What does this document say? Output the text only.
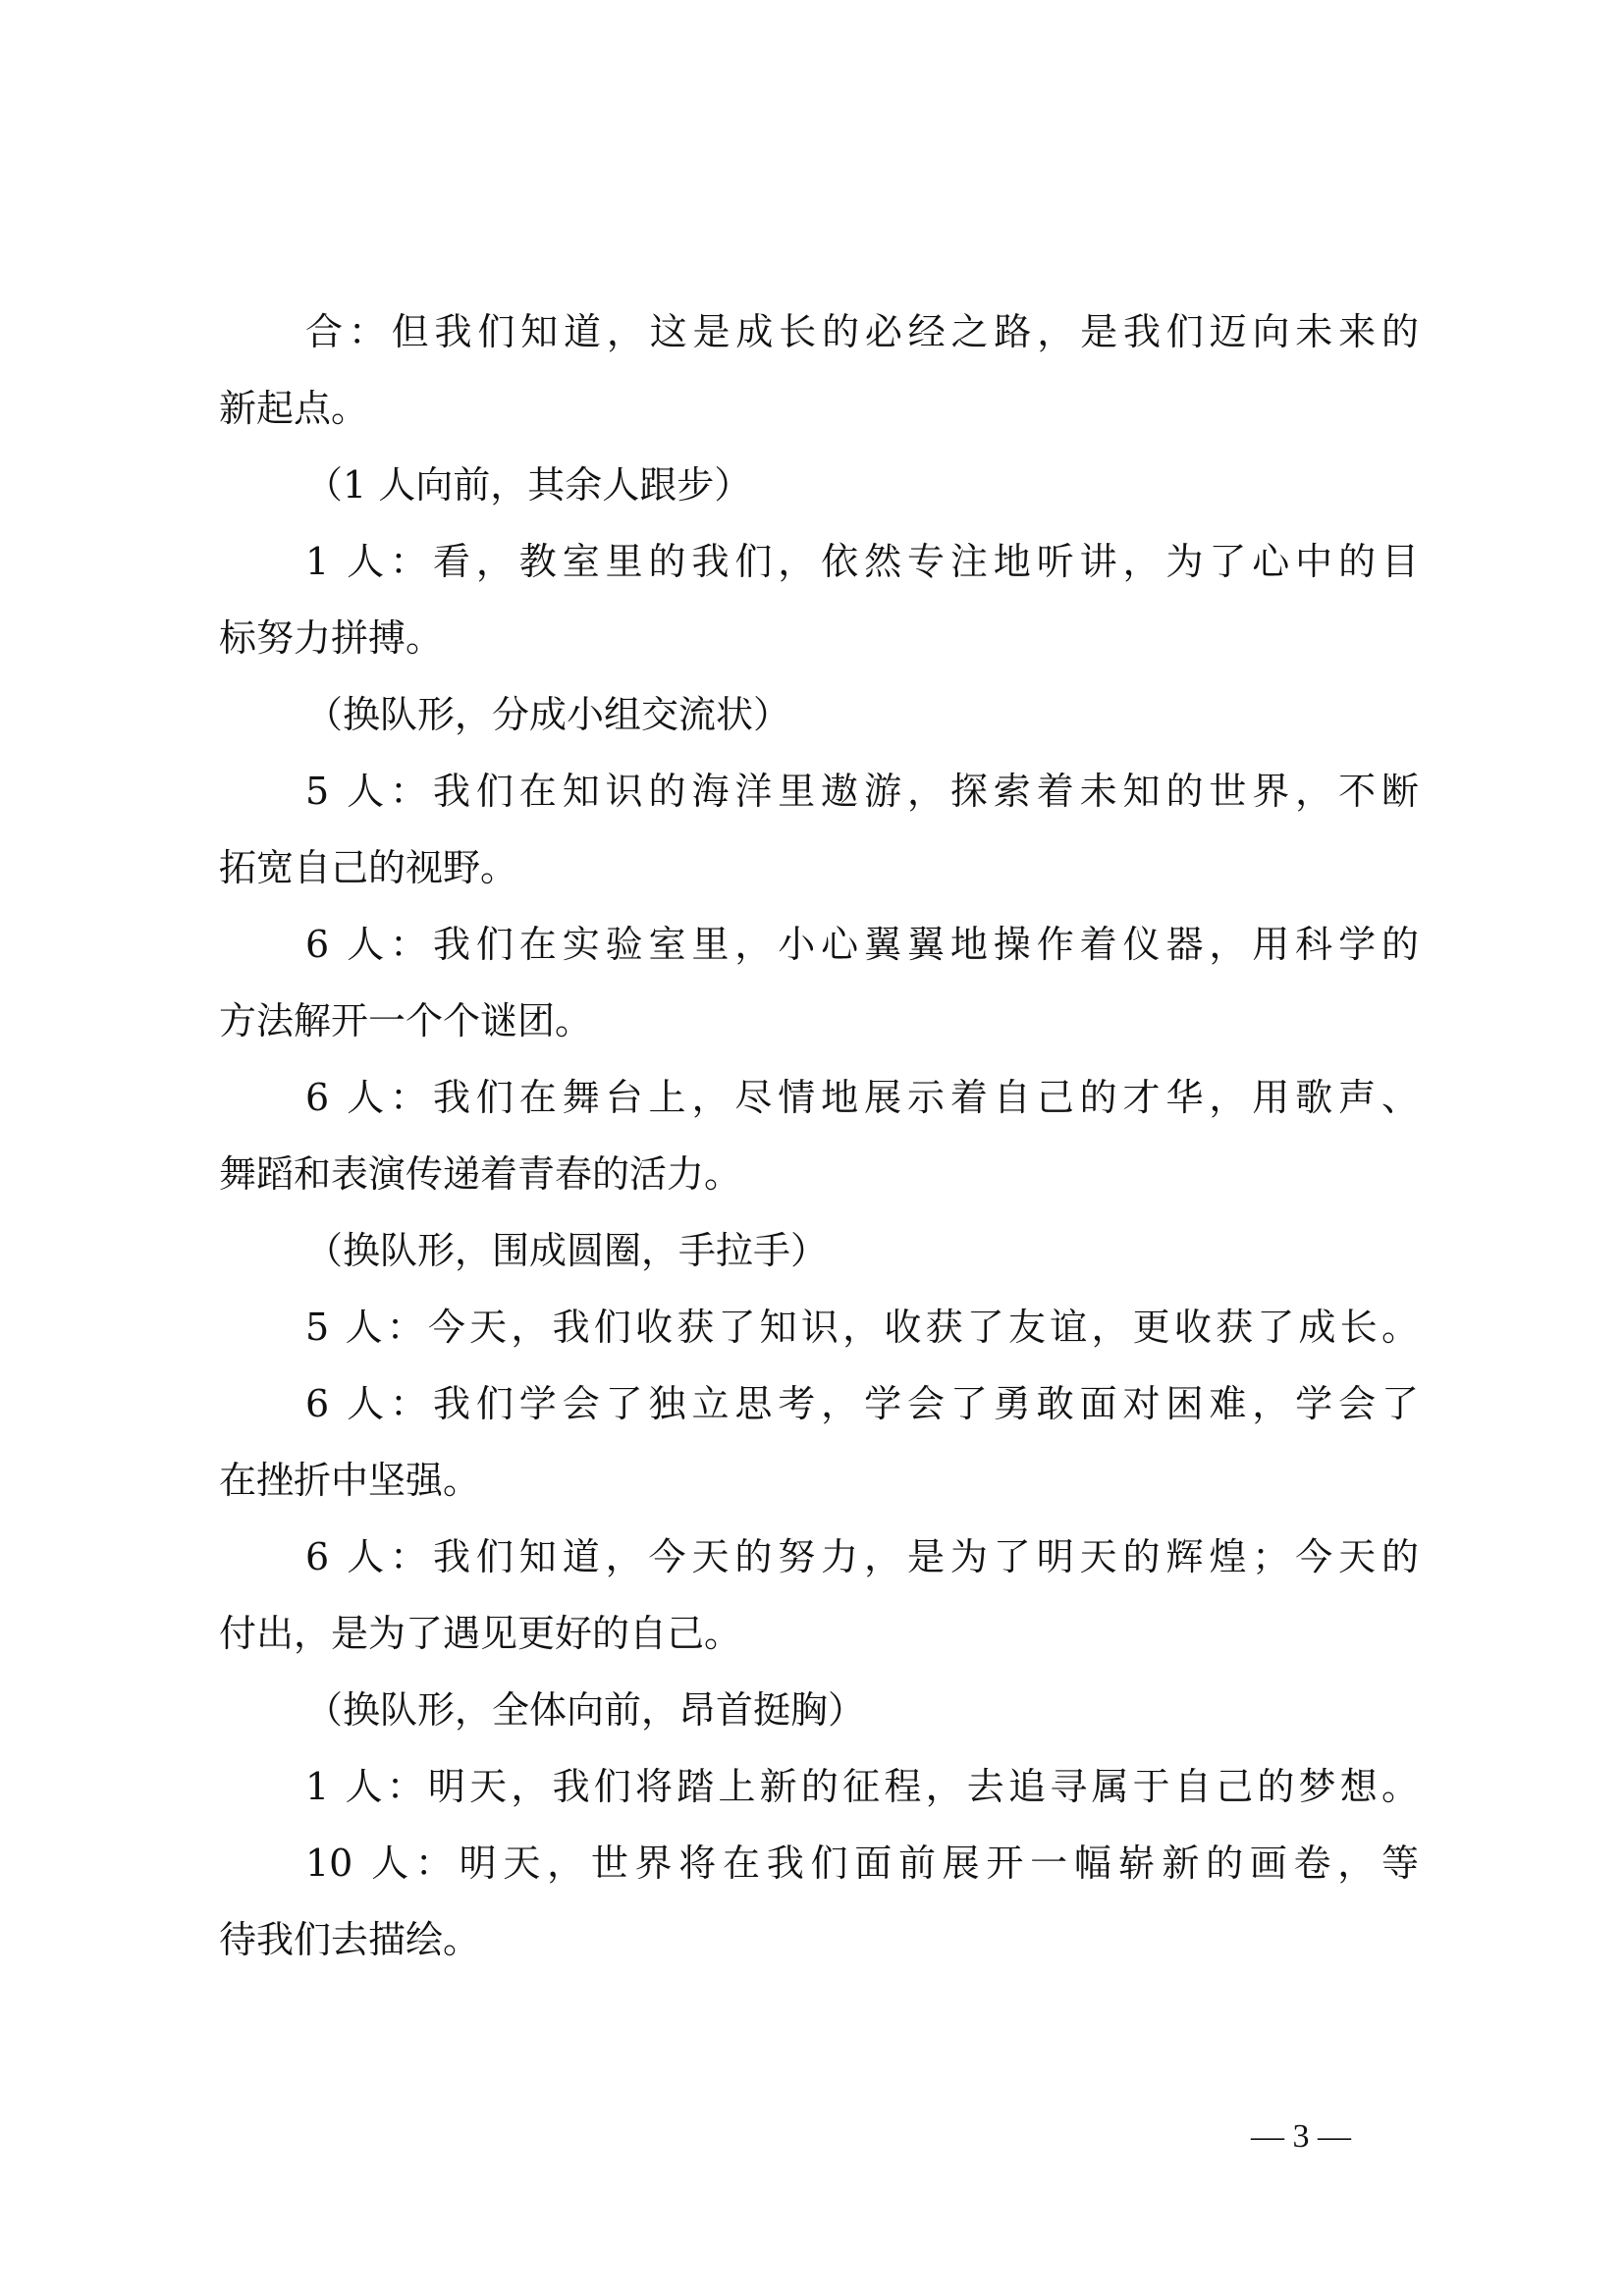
合：但我们知道，这是成长的必经之路，是我们迈向未来的
新起点。
（1 人向前，其余人跟步）
1 人：看，教室里的我们，依然专注地听讲，为了心中的目
标努力拼搏。
（换队形，分成小组交流状）
5 人：我们在知识的海洋里遨游，探索着未知的世界，不断
拓宽自己的视野。
6 人：我们在实验室里，小心翼翼地操作着仪器，用科学的
方法解开一个个谜团。
6 人：我们在舞台上，尽情地展示着自己的才华，用歌声、
舞蹈和表演传递着青春的活力。
（换队形，围成圆圈，手拉手）
5 人：今天，我们收获了知识，收获了友谊，更收获了成长。
6 人：我们学会了独立思考，学会了勇敢面对困难，学会了
在挫折中坚强。
6 人：我们知道，今天的努力，是为了明天的辉煌；今天的
付出，是为了遇见更好的自己。
（换队形，全体向前，昂首挺胸）
1 人：明天，我们将踏上新的征程，去追寻属于自己的梦想。
10 人：明天，世界将在我们面前展开一幅崭新的画卷，等
待我们去描绘。
— 3 —
